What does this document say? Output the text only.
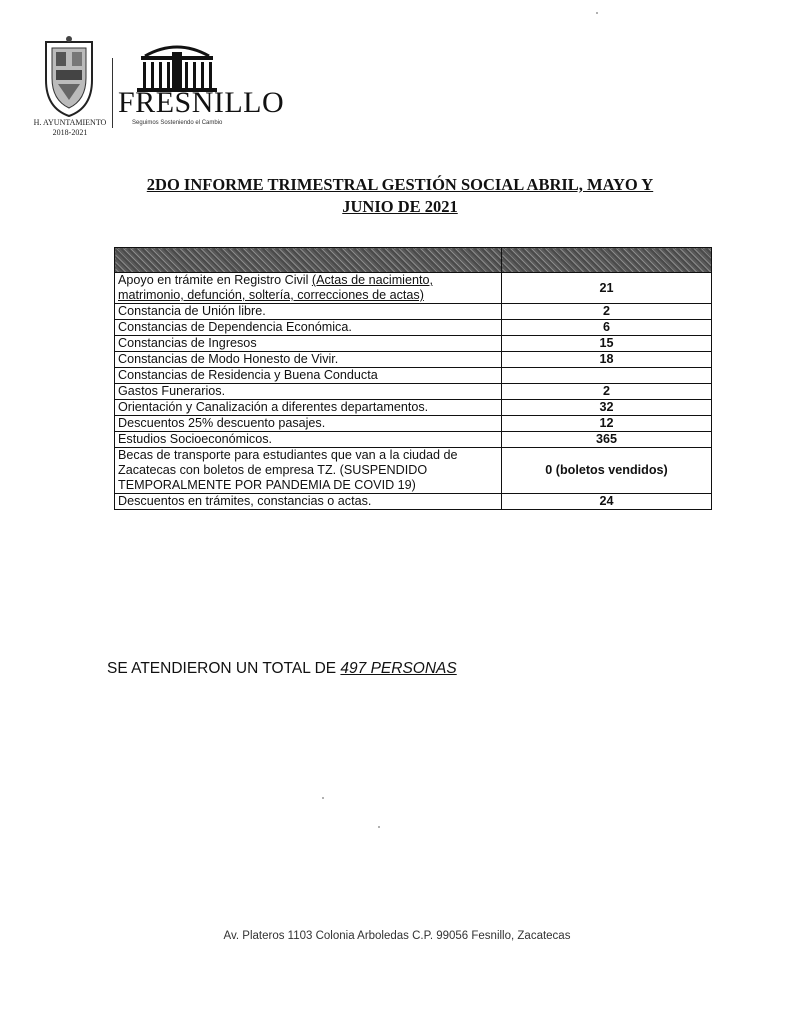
H. AYUNTAMIENTO
2018-2021
FRESNILLO
Seguimos Sosteniendo el Cambio
2DO INFORME TRIMESTRAL GESTIÓN SOCIAL ABRIL, MAYO Y
JUNIO DE 2021

Apoyo en trámite en Registro Civil (Actas de nacimiento, matrimonio, defunción, soltería, correcciones de actas)	21
Constancia de Unión libre.	2
Constancias de Dependencia Económica.	6
Constancias de Ingresos	15
Constancias de Modo Honesto de Vivir.	18
Constancias de Residencia y Buena Conducta	
Gastos Funerarios.	2
Orientación y Canalización a diferentes departamentos.	32
Descuentos 25% descuento pasajes.	12
Estudios Socioeconómicos.	365
Becas de transporte para estudiantes que van a la ciudad de Zacatecas con boletos de empresa TZ. (SUSPENDIDO TEMPORALMENTE POR PANDEMIA DE COVID 19)	0 (boletos vendidos)
Descuentos en trámites, constancias o actas.	24
SE ATENDIERON UN TOTAL DE 497 PERSONAS
Av. Plateros 1103 Colonia Arboledas C.P. 99056 Fesnillo, Zacatecas
